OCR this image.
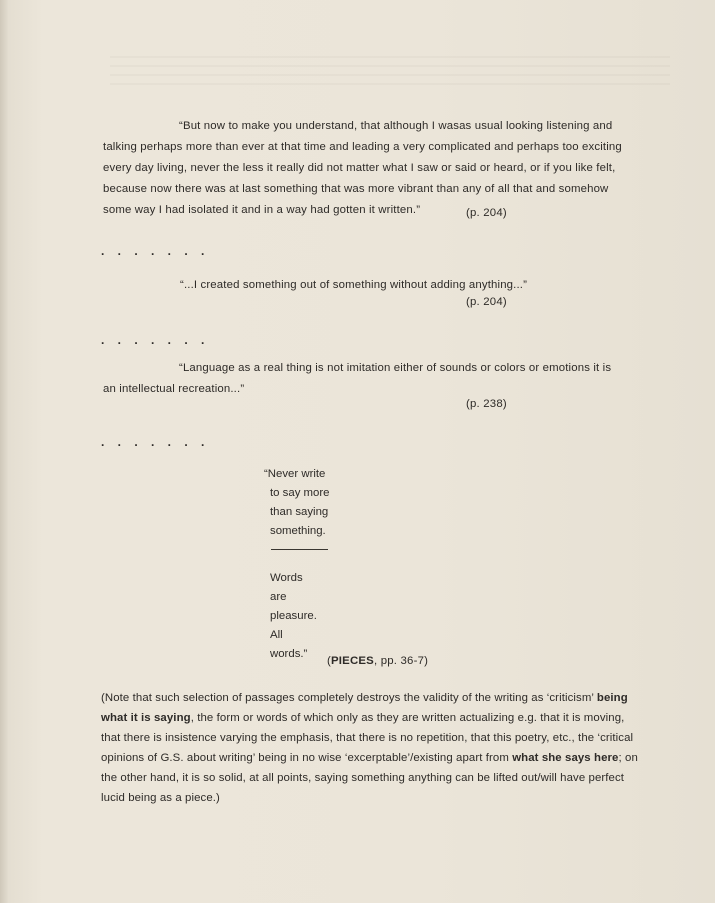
“But now to make you understand, that although I wasas usual looking listening and talking perhaps more than ever at that time and leading a very complicated and perhaps too exciting every day living, never the less it really did not matter what I saw or said or heard, or if you like felt, because now there was at last something that was more vibrant than any of all that and somehow some way I had isolated it and in a way had gotten it written.”	(p. 204)
. . . . . . .
“...I created something out of something without adding anything...”
(p. 204)
. . . . . . .
“Language as a real thing is not imitation either of sounds or colors or emotions it is an intellectual recreation...”
(p. 238)
. . . . . . .
“Never write
to say more
than saying
something.
Words
are
pleasure.
All
words.”
(PIECES, pp. 36-7)
(Note that such selection of passages completely destroys the validity of the writing as ‘criticism’ being what it is saying, the form or words of which only as they are written actualizing e.g. that it is moving, that there is insistence varying the emphasis, that there is no repetition, that this poetry, etc., the ‘critical opinions of G.S. about writing’ being in no wise ‘excerptable’/existing apart from what she says here; on the other hand, it is so solid, at all points, saying something anything can be lifted out/will have perfect lucid being as a piece.)
